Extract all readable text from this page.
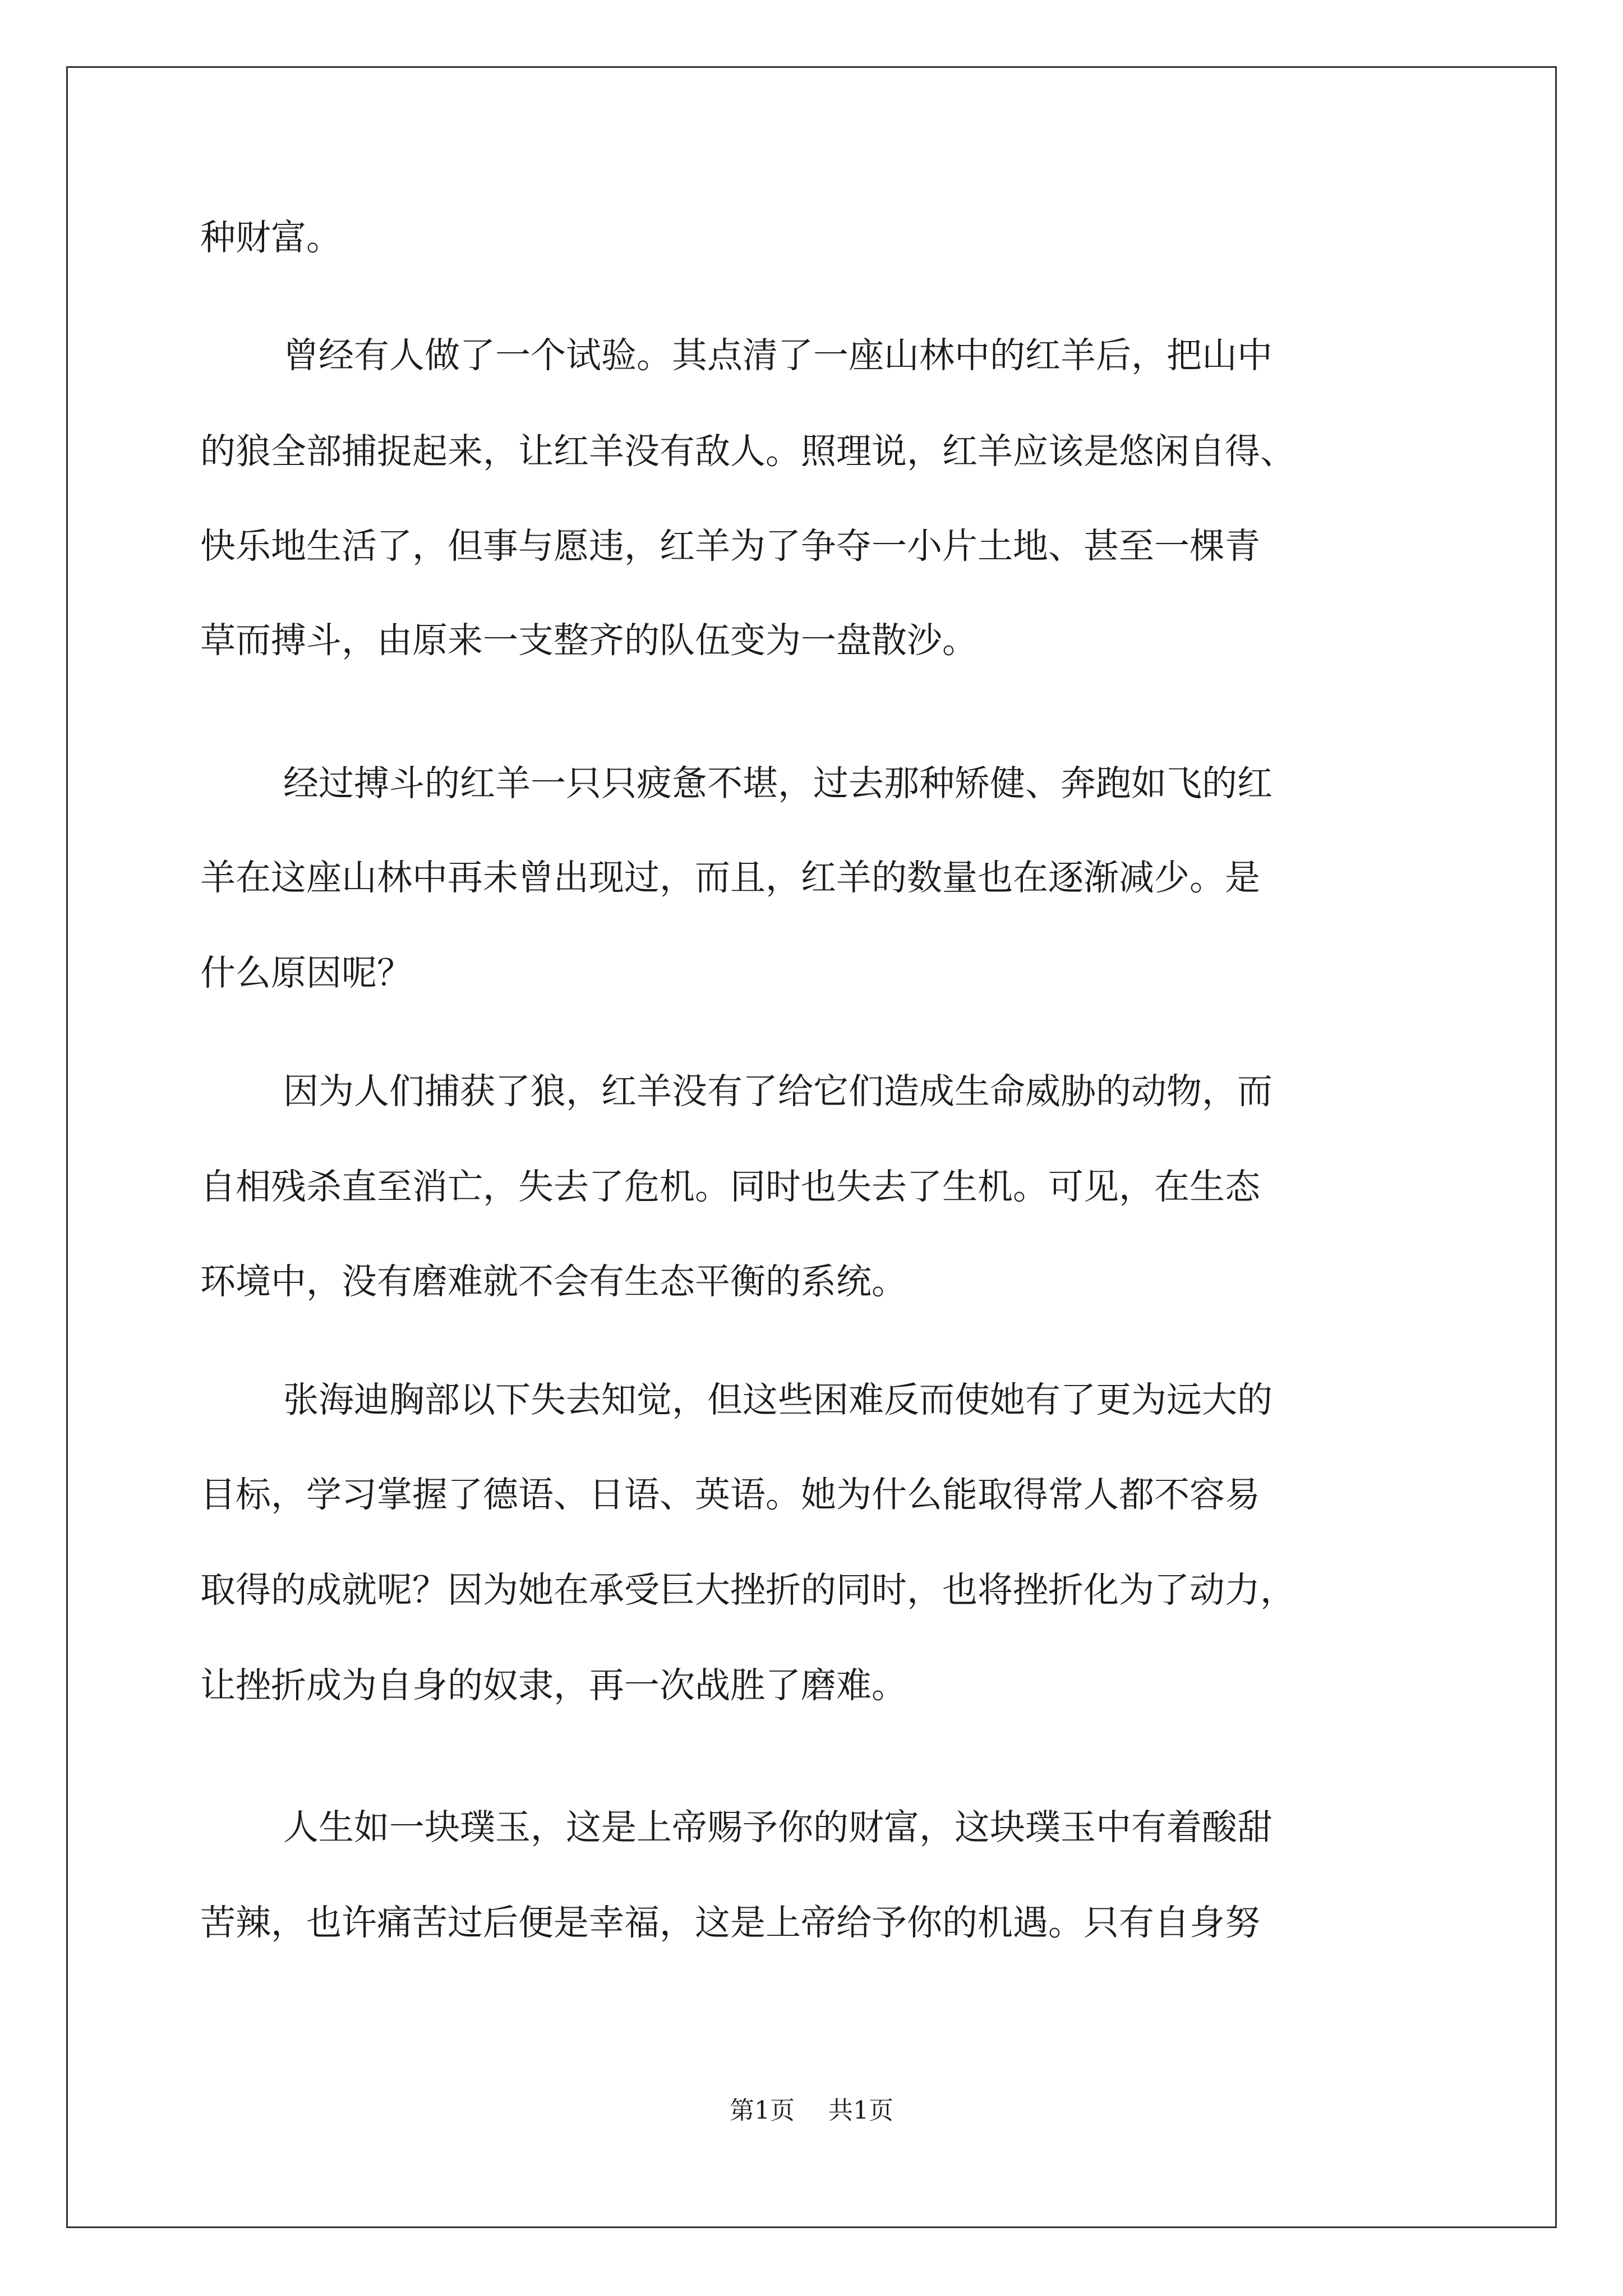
种财富。

曾经有人做了一个试验。其点清了一座山林中的红羊后，把山中

的狼全部捕捉起来，让红羊没有敌人。照理说，红羊应该是悠闲自得、

快乐地生活了，但事与愿违，红羊为了争夺一小片土地、甚至一棵青

草而搏斗，由原来一支整齐的队伍变为一盘散沙。

经过搏斗的红羊一只只疲惫不堪，过去那种矫健、奔跑如飞的红

羊在这座山林中再未曾出现过，而且，红羊的数量也在逐渐减少。是

什么原因呢？

因为人们捕获了狼，红羊没有了给它们造成生命威胁的动物，而

自相残杀直至消亡，失去了危机。同时也失去了生机。可见，在生态

环境中，没有磨难就不会有生态平衡的系统。

张海迪胸部以下失去知觉，但这些困难反而使她有了更为远大的

目标，学习掌握了德语、日语、英语。她为什么能取得常人都不容易

取得的成就呢？因为她在承受巨大挫折的同时，也将挫折化为了动力，

让挫折成为自身的奴隶，再一次战胜了磨难。

人生如一块璞玉，这是上帝赐予你的财富，这块璞玉中有着酸甜

苦辣，也许痛苦过后便是幸福，这是上帝给予你的机遇。只有自身努

第1页 共1页
